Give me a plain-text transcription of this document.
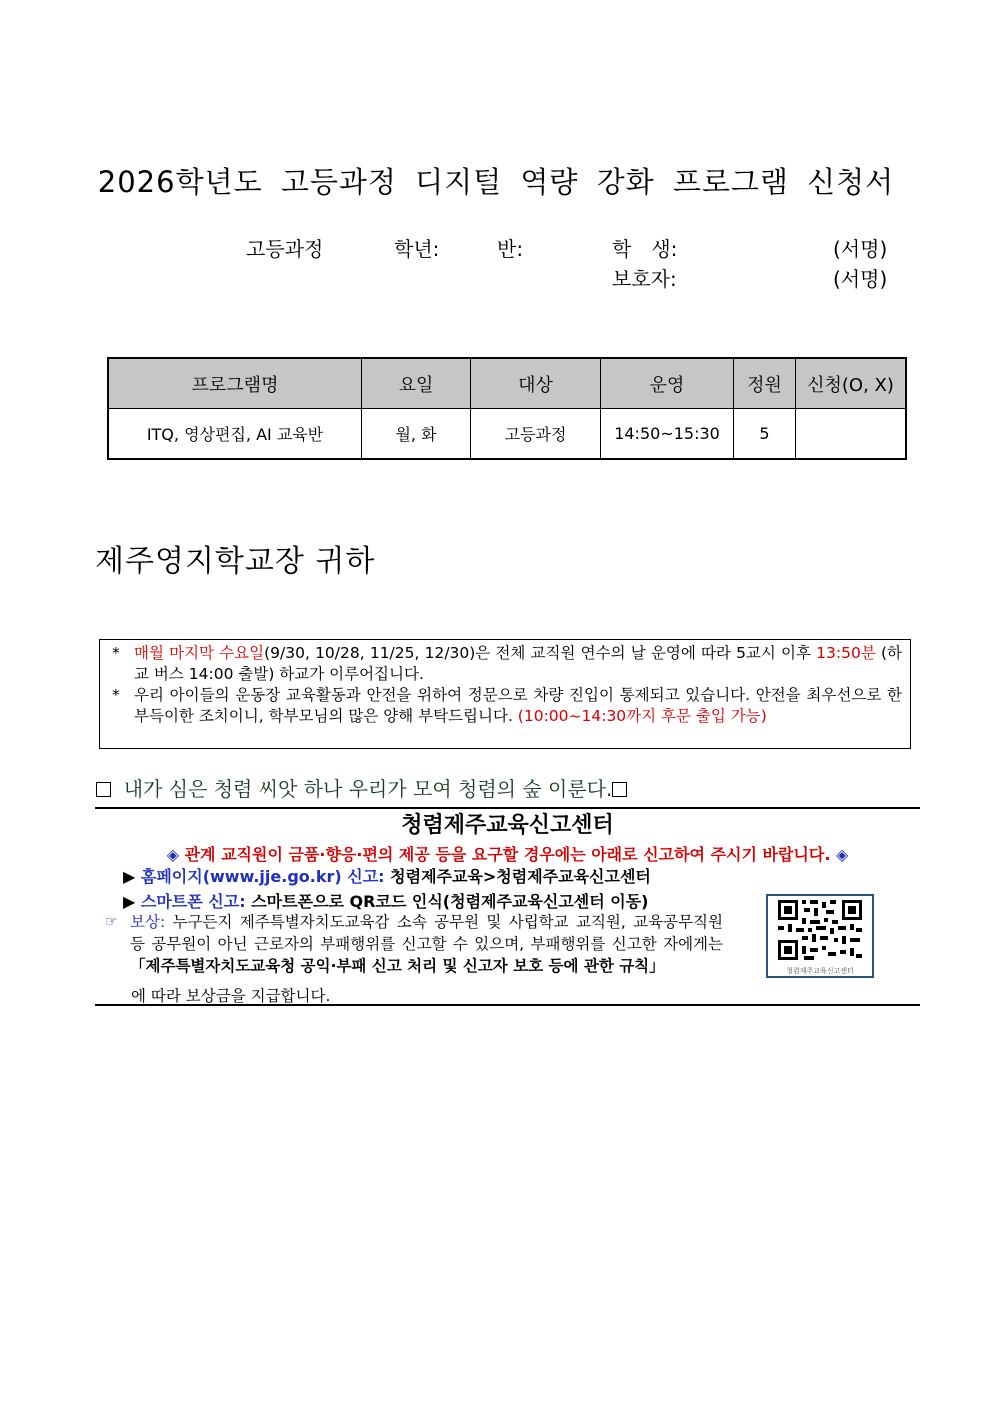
2026학년도 고등과정 디지털 역량 강화 프로그램 신청서
고등과정	학년:	반:	학　생:	(서명)
보호자:	(서명)
프로그램명	요일	대상	운영	정원	신청(O, X)
ITQ, 영상편집, AI 교육반	월, 화	고등과정	14:50~15:30	5	
제주영지학교장 귀하
* 매월 마지막 수요일(9/30, 10/28, 11/25, 12/30)은 전체 교직원 연수의 날 운영에 따라 5교시 이후 13:50분 (하교 버스 14:00 출발) 하교가 이루어집니다.
* 우리 아이들의 운동장 교육활동과 안전을 위하여 정문으로 차량 진입이 통제되고 있습니다. 안전을 최우선으로 한 부득이한 조치이니, 학부모님의 많은 양해 부탁드립니다. (10:00~14:30까지 후문 출입 가능)
내가 심은 청렴 씨앗 하나 우리가 모여 청렴의 숲 이룬다.
청렴제주교육신고센터
◈ 관계 교직원이 금품·향응·편의 제공 등을 요구할 경우에는 아래로 신고하여 주시기 바랍니다. ◈
▶ 홈페이지(www.jje.go.kr) 신고: 청렴제주교육>청렴제주교육신고센터
▶ 스마트폰 신고: 스마트폰으로 QR코드 인식(청렴제주교육신고센터 이동)
☞ 보상: 누구든지 제주특별자치도교육감 소속 공무원 및 사립학교 교직원, 교육공무직원 등 공무원이 아닌 근로자의 부패행위를 신고할 수 있으며, 부패행위를 신고한 자에게는「제주특별자치도교육청 공익·부패 신고 처리 및 신고자 보호 등에 관한 규칙」
에 따라 보상금을 지급합니다.
청렴제주교육신고센터
